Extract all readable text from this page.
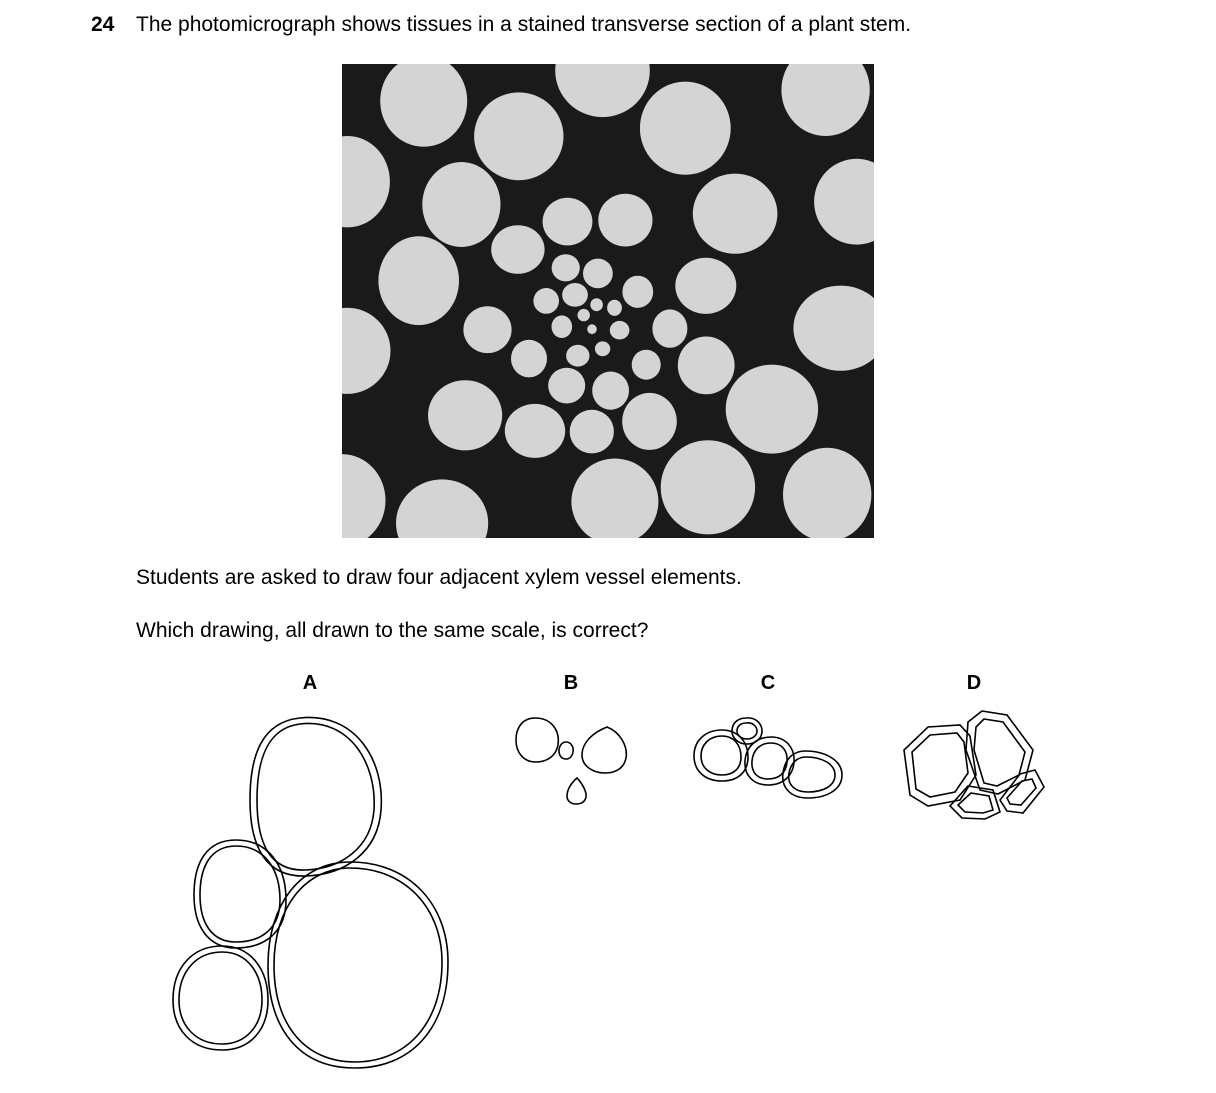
24 The photomicrograph shows tissues in a stained transverse section of a plant stem.
Students are asked to draw four adjacent xylem vessel elements.
Which drawing, all drawn to the same scale, is correct?
A	B	C	D
